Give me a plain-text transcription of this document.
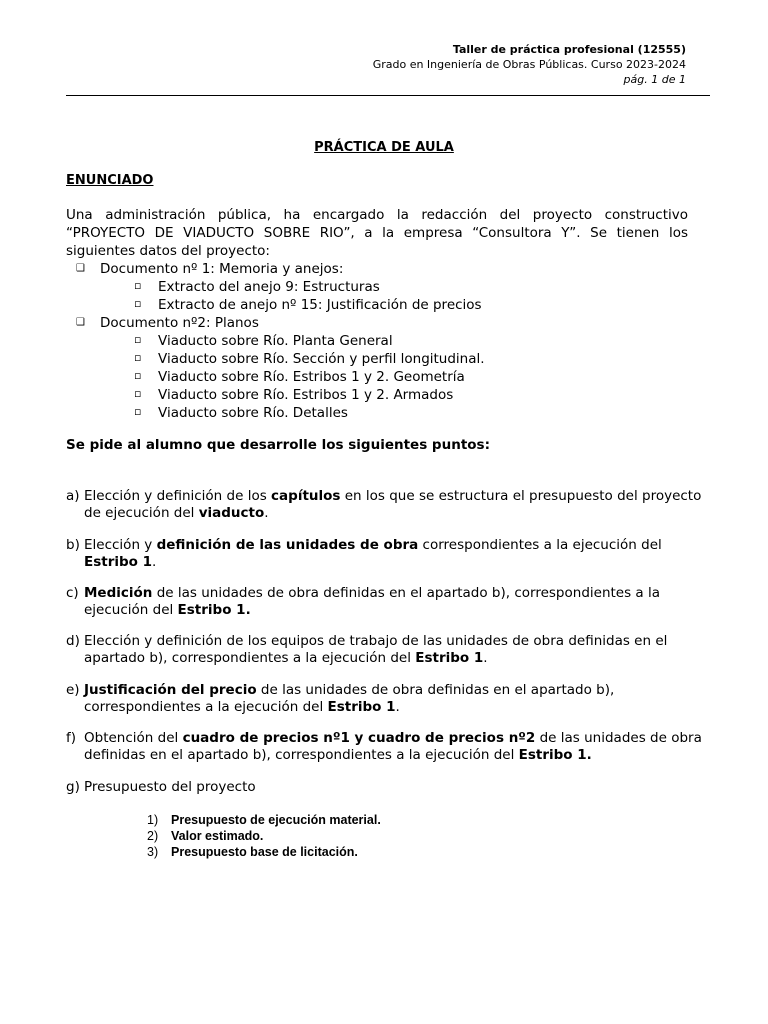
Taller de práctica profesional (12555)
Grado en Ingeniería de Obras Públicas. Curso 2023-2024
pág. 1 de 1
PRÁCTICA DE AULA
ENUNCIADO
Una administración pública, ha encargado la redacción del proyecto constructivo “PROYECTO DE VIADUCTO SOBRE RIO”, a la empresa “Consultora Y”. Se tienen los siguientes datos del proyecto:
❑ Documento nº 1: Memoria y anejos:
▫ Extracto del anejo 9: Estructuras
▫ Extracto de anejo nº 15: Justificación de precios
❑ Documento nº2: Planos
▫ Viaducto sobre Río. Planta General
▫ Viaducto sobre Río. Sección y perfil longitudinal.
▫ Viaducto sobre Río. Estribos 1 y 2. Geometría
▫ Viaducto sobre Río. Estribos 1 y 2. Armados
▫ Viaducto sobre Río. Detalles
Se pide al alumno que desarrolle los siguientes puntos:
a) Elección y definición de los capítulos en los que se estructura el presupuesto del proyecto de ejecución del viaducto.
b) Elección y definición de las unidades de obra correspondientes a la ejecución del Estribo 1.
c) Medición de las unidades de obra definidas en el apartado b), correspondientes a la ejecución del Estribo 1.
d) Elección y definición de los equipos de trabajo de las unidades de obra definidas en el apartado b), correspondientes a la ejecución del Estribo 1.
e) Justificación del precio de las unidades de obra definidas en el apartado b), correspondientes a la ejecución del Estribo 1.
f) Obtención del cuadro de precios nº1 y cuadro de precios nº2 de las unidades de obra definidas en el apartado b), correspondientes a la ejecución del Estribo 1.
g) Presupuesto del proyecto
1) Presupuesto de ejecución material.
2) Valor estimado.
3) Presupuesto base de licitación.
